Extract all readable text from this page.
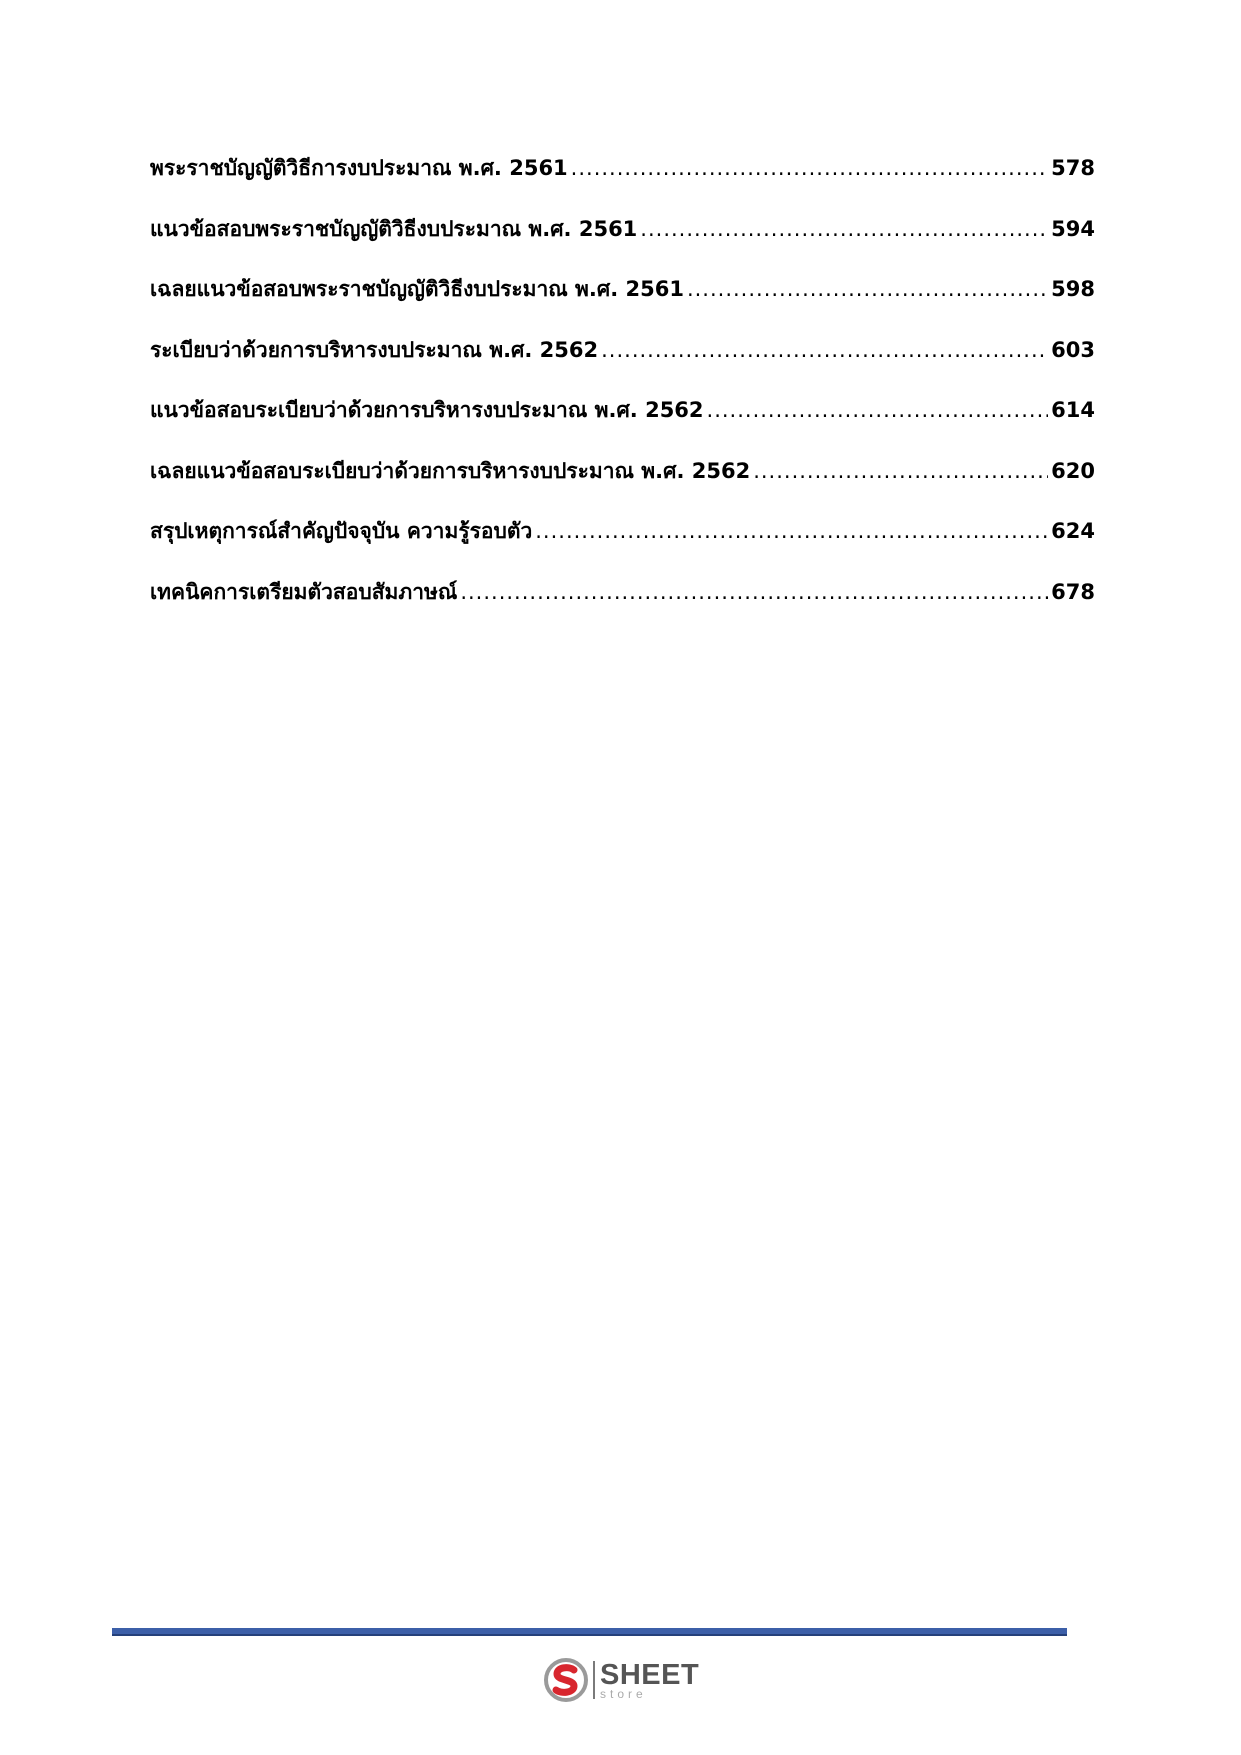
พระราชบัญญัติวิธีการงบประมาณ พ.ศ. 2561 .....	578
แนวข้อสอบพระราชบัญญัติวิธีงบประมาณ พ.ศ. 2561 .....	594
เฉลยแนวข้อสอบพระราชบัญญัติวิธีงบประมาณ พ.ศ. 2561 .....	598
ระเบียบว่าด้วยการบริหารงบประมาณ พ.ศ. 2562 .....	603
แนวข้อสอบระเบียบว่าด้วยการบริหารงบประมาณ พ.ศ. 2562 .....	614
เฉลยแนวข้อสอบระเบียบว่าด้วยการบริหารงบประมาณ พ.ศ. 2562 .....	620
สรุปเหตุการณ์สำคัญปัจจุบัน ความรู้รอบตัว .....	624
เทคนิคการเตรียมตัวสอบสัมภาษณ์ .....	678
SHEET
store
